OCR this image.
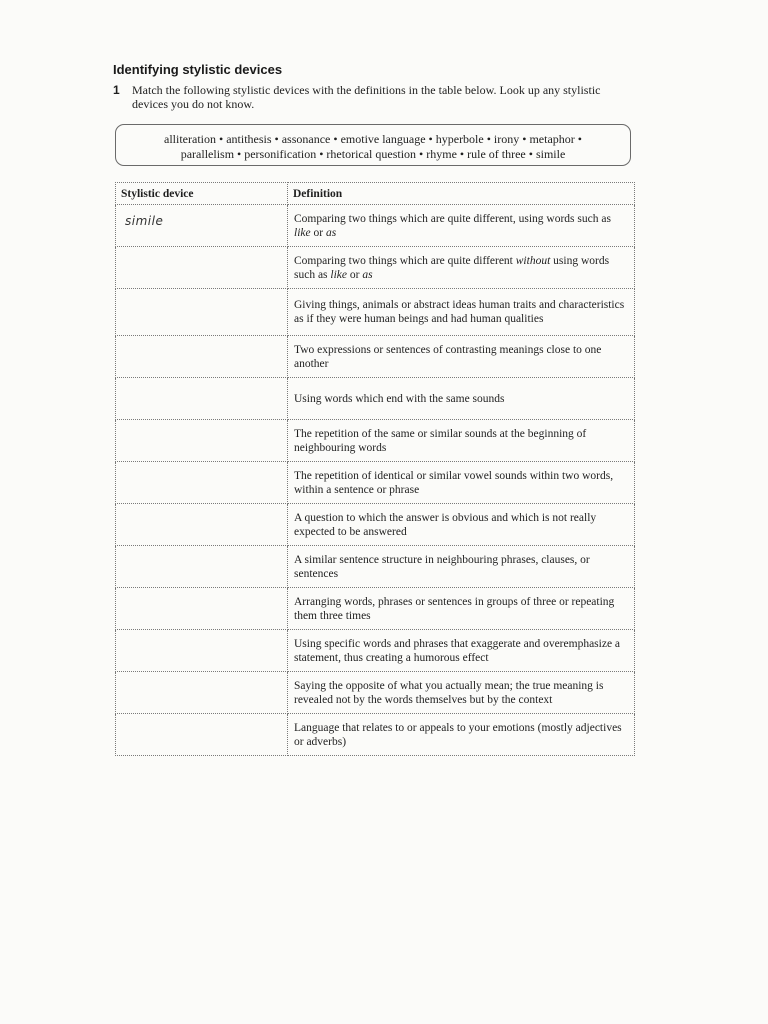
Identifying stylistic devices
1 Match the following stylistic devices with the definitions in the table below. Look up any stylistic devices you do not know.
alliteration • antithesis • assonance • emotive language • hyperbole • irony • metaphor •
parallelism • personification • rhetorical question • rhyme • rule of three • simile
Stylistic device	Definition
simile	Comparing two things which are quite different, using words such as like or as
	Comparing two things which are quite different without using words such as like or as
	Giving things, animals or abstract ideas human traits and characteristics as if they were human beings and had human qualities
	Two expressions or sentences of contrasting meanings close to one another
	Using words which end with the same sounds
	The repetition of the same or similar sounds at the beginning of neighbouring words
	The repetition of identical or similar vowel sounds within two words, within a sentence or phrase
	A question to which the answer is obvious and which is not really expected to be answered
	A similar sentence structure in neighbouring phrases, clauses, or sentences
	Arranging words, phrases or sentences in groups of three or repeating them three times
	Using specific words and phrases that exaggerate and overemphasize a statement, thus creating a humorous effect
	Saying the opposite of what you actually mean; the true meaning is revealed not by the words themselves but by the context
	Language that relates to or appeals to your emotions (mostly adjectives or adverbs)
